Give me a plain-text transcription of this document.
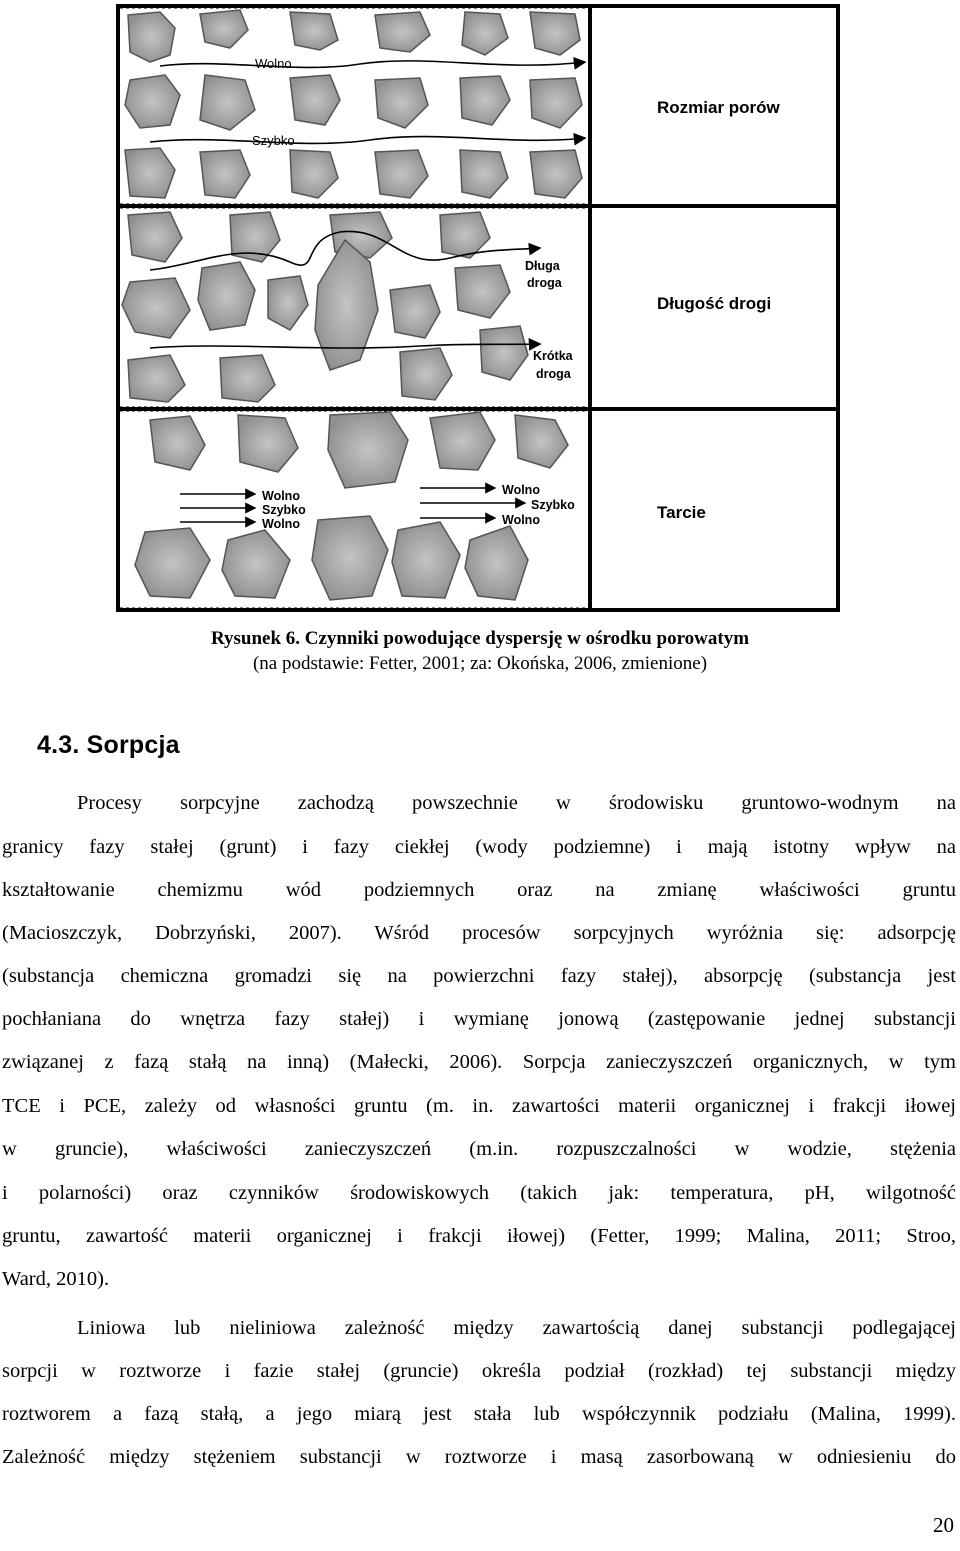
Wolno
Szybko
Rozmiar porów
Długa
droga
Krótka
droga
Długość drogi
Wolno
Szybko
Wolno
Wolno
Szybko
Wolno	Tarcie
Rysunek 6. Czynniki powodujące dyspersję w ośrodku porowatym
(na podstawie: Fetter, 2001; za: Okońska, 2006, zmienione)
4.3. Sorpcja
Procesy sorpcyjne zachodzą powszechnie w środowisku gruntowo-wodnym na
granicy fazy stałej (grunt) i fazy ciekłej (wody podziemne) i mają istotny wpływ na
kształtowanie chemizmu wód podziemnych oraz na zmianę właściwości gruntu
(Macioszczyk, Dobrzyński, 2007). Wśród procesów sorpcyjnych wyróżnia się: adsorpcję
(substancja chemiczna gromadzi się na powierzchni fazy stałej), absorpcję (substancja jest
pochłaniana do wnętrza fazy stałej) i wymianę jonową (zastępowanie jednej substancji
związanej z fazą stałą na inną) (Małecki, 2006). Sorpcja zanieczyszczeń organicznych, w tym
TCE i PCE, zależy od własności gruntu (m. in. zawartości materii organicznej i frakcji iłowej
w gruncie), właściwości zanieczyszczeń (m.in. rozpuszczalności w wodzie, stężenia
i polarności) oraz czynników środowiskowych (takich jak: temperatura, pH, wilgotność
gruntu, zawartość materii organicznej i frakcji iłowej) (Fetter, 1999; Malina, 2011; Stroo,
Ward, 2010).
Liniowa lub nieliniowa zależność między zawartością danej substancji podlegającej
sorpcji w roztworze i fazie stałej (gruncie) określa podział (rozkład) tej substancji między
roztworem a fazą stałą, a jego miarą jest stała lub współczynnik podziału (Malina, 1999).
Zależność między stężeniem substancji w roztworze i masą zasorbowaną w odniesieniu do
20
